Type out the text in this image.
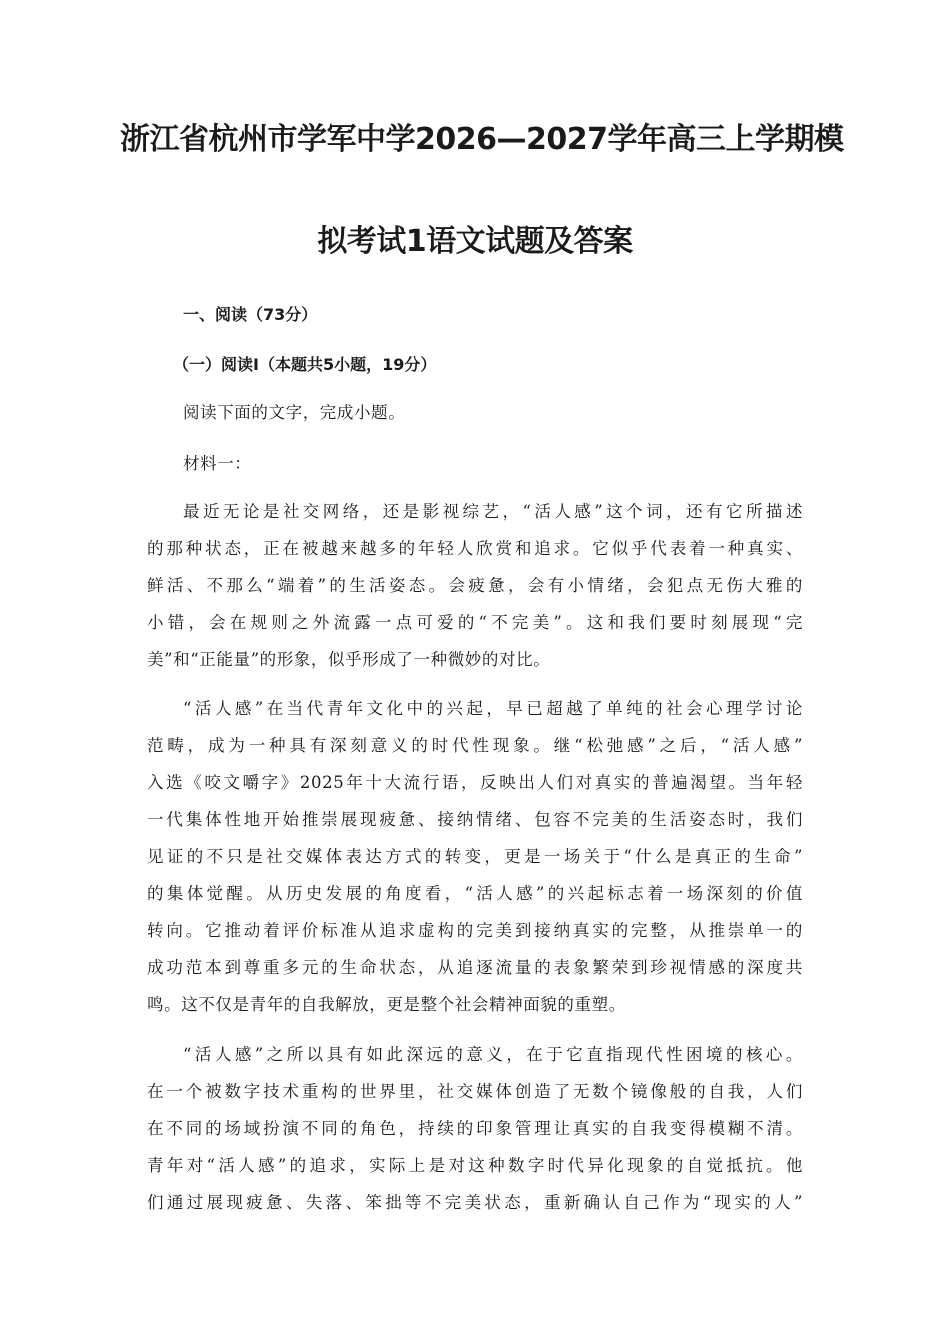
浙江省杭州市学军中学2026—2027学年高三上学期模
拟考试1语文试题及答案
一、阅读（73分）
（一）阅读Ⅰ（本题共5小题，19分）
阅读下面的文字，完成小题。
材料一：
最近无论是社交网络，还是影视综艺，“活人感”这个词，还有它所描述
的那种状态，正在被越来越多的年轻人欣赏和追求。它似乎代表着一种真实、
鲜活、不那么“端着”的生活姿态。会疲惫，会有小情绪，会犯点无伤大雅的
小错，会在规则之外流露一点可爱的“不完美”。这和我们要时刻展现“完
美”和“正能量”的形象，似乎形成了一种微妙的对比。
“活人感”在当代青年文化中的兴起，早已超越了单纯的社会心理学讨论
范畴，成为一种具有深刻意义的时代性现象。继“松弛感”之后，“活人感”
入选《咬文嚼字》2025年十大流行语，反映出人们对真实的普遍渴望。当年轻
一代集体性地开始推崇展现疲惫、接纳情绪、包容不完美的生活姿态时，我们
见证的不只是社交媒体表达方式的转变，更是一场关于“什么是真正的生命”
的集体觉醒。从历史发展的角度看，“活人感”的兴起标志着一场深刻的价值
转向。它推动着评价标准从追求虚构的完美到接纳真实的完整，从推崇单一的
成功范本到尊重多元的生命状态，从追逐流量的表象繁荣到珍视情感的深度共
鸣。这不仅是青年的自我解放，更是整个社会精神面貌的重塑。
“活人感”之所以具有如此深远的意义，在于它直指现代性困境的核心。
在一个被数字技术重构的世界里，社交媒体创造了无数个镜像般的自我，人们
在不同的场域扮演不同的角色，持续的印象管理让真实的自我变得模糊不清。
青年对“活人感”的追求，实际上是对这种数字时代异化现象的自觉抵抗。他
们通过展现疲惫、失落、笨拙等不完美状态，重新确认自己作为“现实的人”
